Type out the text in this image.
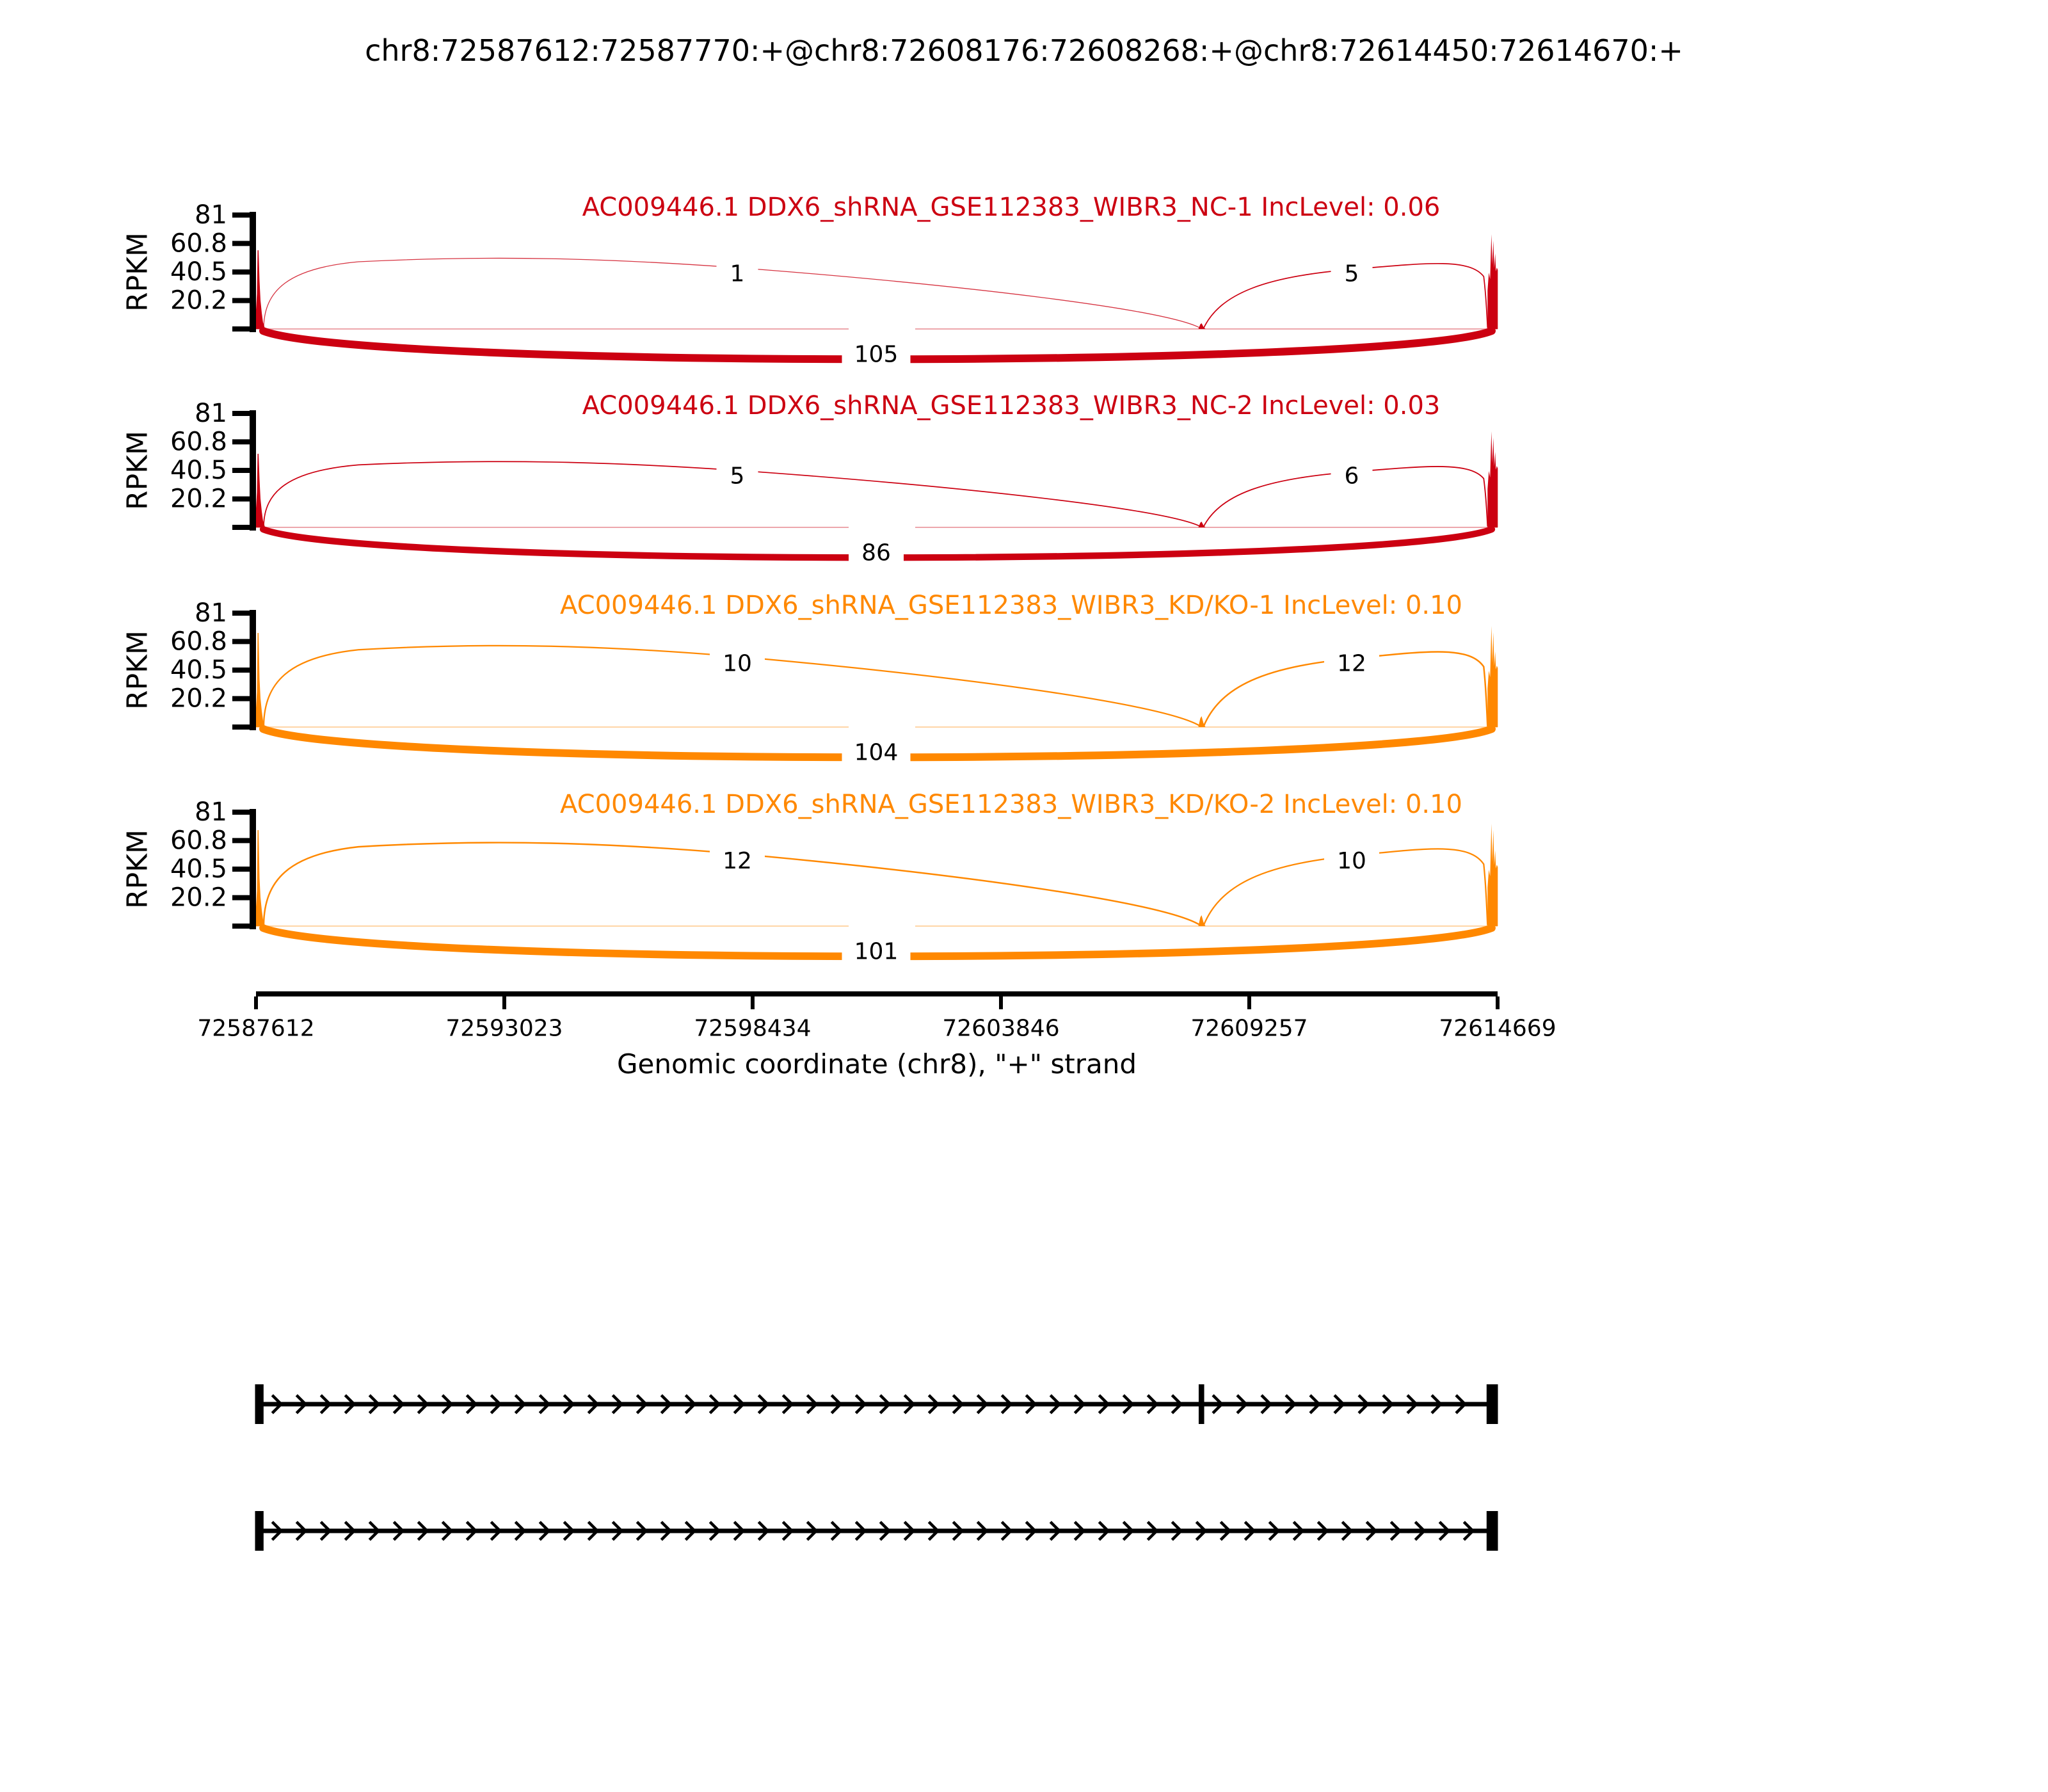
chr8:72587612:72587770:+@chr8:72608176:72608268:+@chr8:72614450:72614670:+
AC009446.1 DDX6_shRNA_GSE112383_WIBR3_NC-1 IncLevel: 0.06
81
60.8
40.5
20.2
RPKM	1	5
105
AC009446.1 DDX6_shRNA_GSE112383_WIBR3_NC-2 IncLevel: 0.03
81
60.8
40.5
20.2
RPKM	5	6
86
AC009446.1 DDX6_shRNA_GSE112383_WIBR3_KD/KO-1 IncLevel: 0.10
81
60.8
40.5
20.2
RPKM	10	12
104
AC009446.1 DDX6_shRNA_GSE112383_WIBR3_KD/KO-2 IncLevel: 0.10
81
60.8
40.5
20.2
RPKM	12	10
101
72587612	72593023	72598434	72603846	72609257	72614669
Genomic coordinate (chr8), "+" strand
